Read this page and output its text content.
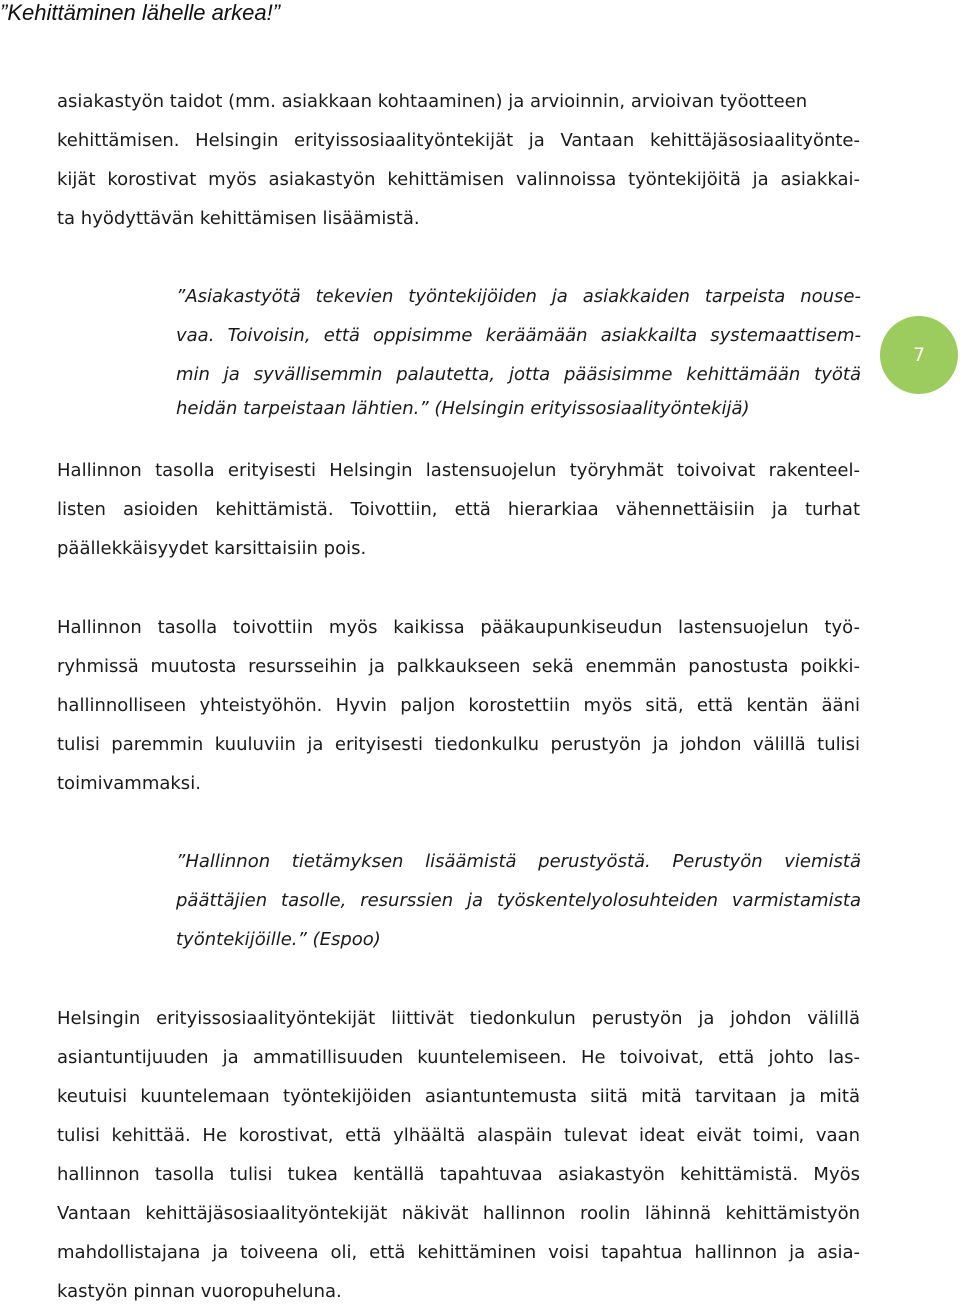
”Kehittäminen lähelle arkea!”
7
asiakastyön taidot (mm. asiakkaan kohtaaminen) ja arvioinnin, arvioivan työotteen
kehittämisen. Helsingin erityissosiaalityöntekijät ja Vantaan kehittäjäsosiaalityönte-
kijät korostivat myös asiakastyön kehittämisen valinnoissa työntekijöitä ja asiakkai-
ta hyödyttävän kehittämisen lisäämistä.
”Asiakastyötä tekevien työntekijöiden ja asiakkaiden tarpeista nouse-
vaa. Toivoisin, että oppisimme keräämään asiakkailta systemaattisem-
min ja syvällisemmin palautetta, jotta pääsisimme kehittämään työtä
heidän tarpeistaan lähtien.” (Helsingin erityissosiaalityöntekijä)
Hallinnon tasolla erityisesti Helsingin lastensuojelun työryhmät toivoivat rakenteel-
listen asioiden kehittämistä. Toivottiin, että hierarkiaa vähennettäisiin ja turhat
päällekkäisyydet karsittaisiin pois.
Hallinnon tasolla toivottiin myös kaikissa pääkaupunkiseudun lastensuojelun työ-
ryhmissä muutosta resursseihin ja palkkaukseen sekä enemmän panostusta poikki-
hallinnolliseen yhteistyöhön. Hyvin paljon korostettiin myös sitä, että kentän ääni
tulisi paremmin kuuluviin ja erityisesti tiedonkulku perustyön ja johdon välillä tulisi
toimivammaksi.
”Hallinnon tietämyksen lisäämistä perustyöstä. Perustyön viemistä
päättäjien tasolle, resurssien ja työskentelyolosuhteiden varmistamista
työntekijöille.” (Espoo)
Helsingin erityissosiaalityöntekijät liittivät tiedonkulun perustyön ja johdon välillä
asiantuntijuuden ja ammatillisuuden kuuntelemiseen. He toivoivat, että johto las-
keutuisi kuuntelemaan työntekijöiden asiantuntemusta siitä mitä tarvitaan ja mitä
tulisi kehittää. He korostivat, että ylhäältä alaspäin tulevat ideat eivät toimi, vaan
hallinnon tasolla tulisi tukea kentällä tapahtuvaa asiakastyön kehittämistä. Myös
Vantaan kehittäjäsosiaalityöntekijät näkivät hallinnon roolin lähinnä kehittämistyön
mahdollistajana ja toiveena oli, että kehittäminen voisi tapahtua hallinnon ja asia-
kastyön pinnan vuoropuheluna.
